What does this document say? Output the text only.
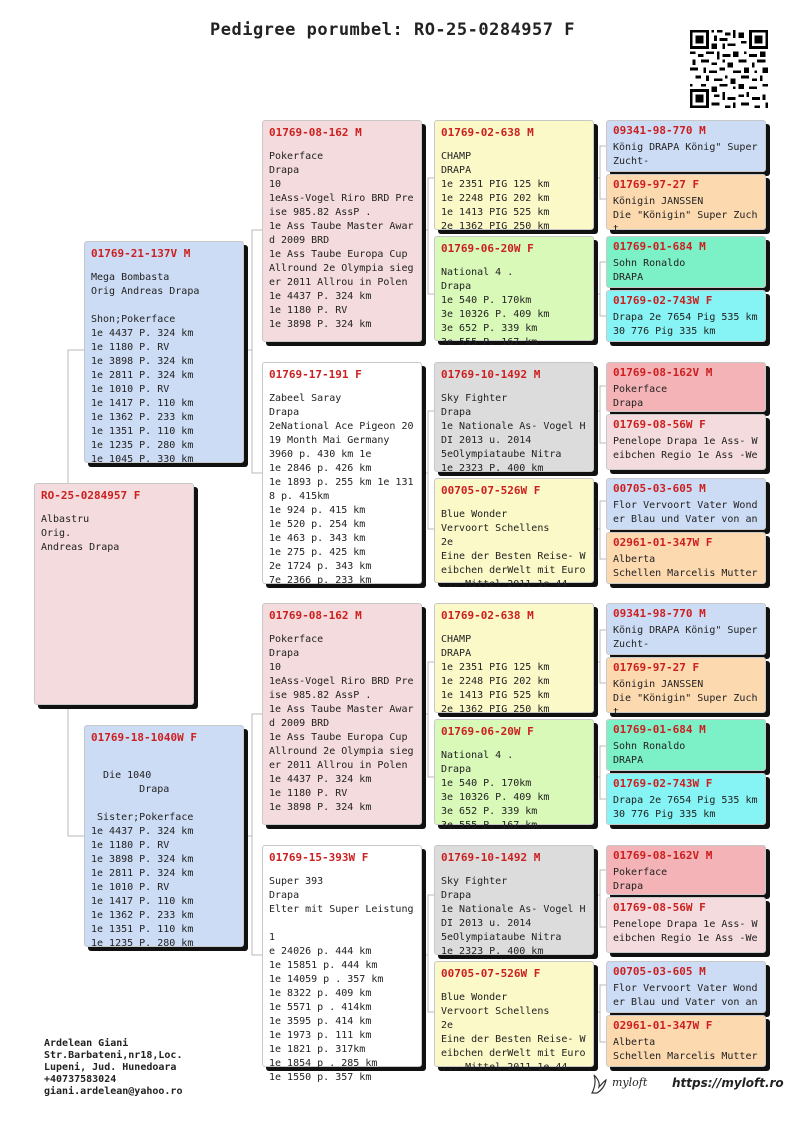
Pedigree porumbel: RO-25-0284957 F
RO-25-0284957 F
Albastru
Orig.
Andreas Drapa
01769-21-137V M
Mega Bombasta
Orig Andreas Drapa

Shon;Pokerface
1e 4437 P. 324 km
1e 1180 P. RV
1e 3898 P. 324 km
1e 2811 P. 324 km
1e 1010 P. RV
1e 1417 P. 110 km
1e 1362 P. 233 km
1e 1351 P. 110 km
1e 1235 P. 280 km
1e 1045 P. 330 km
01769-18-1040W F

Die 1040
Drapa

Sister;Pokerface
1e 4437 P. 324 km
1e 1180 P. RV
1e 3898 P. 324 km
1e 2811 P. 324 km
1e 1010 P. RV
1e 1417 P. 110 km
1e 1362 P. 233 km
1e 1351 P. 110 km
1e 1235 P. 280 km
01769-08-162 M
Pokerface
Drapa
10
1eAss-Vogel Riro BRD Preise 985.82 AssP .
1e Ass Taube Master Award 2009 BRD
1e Ass Taube Europa Cup Allround 2e Olympia sieger 2011 Allrou in Polen
1e 4437 P. 324 km
1e 1180 P. RV
1e 3898 P. 324 km
01769-17-191 F
Zabeel Saray
Drapa
2eNational Ace Pigeon 2019 Month Mai Germany
3960 p. 430 km 1e
1e 2846 p. 426 km
1e 1893 p. 255 km 1e 1318 p. 415km
1e 924 p. 415 km
1e 520 p. 254 km
1e 463 p. 343 km
1e 275 p. 425 km
2e 1724 p. 343 km
7e 2366 p. 233 km
01769-08-162 M
Pokerface
Drapa
10
1eAss-Vogel Riro BRD Preise 985.82 AssP .
1e Ass Taube Master Award 2009 BRD
1e Ass Taube Europa Cup Allround 2e Olympia sieger 2011 Allrou in Polen
1e 4437 P. 324 km
1e 1180 P. RV
1e 3898 P. 324 km
01769-15-393W F
Super 393
Drapa
Elter mit Super Leistung
1
e 24026 p. 444 km
1e 15851 p. 444 km
1e 14059 p . 357 km
1e 8322 p. 409 km
1e 5571 p . 414km
1e 3595 p. 414 km
1e 1973 p. 111 km
1e 1821 p. 317km
1e 1854 p . 285 km
1e 1550 p. 357 km
01769-02-638 M
CHAMP
DRAPA
1e 2351 PIG 125 km
1e 2248 PIG 202 km
1e 1413 PIG 525 km
2e 1362 PIG 250 km
01769-06-20W F
National 4 .
Drapa
1e 540 P. 170km
3e 10326 P. 409 km
3e 652 P. 339 km
3e 555 P. 167 km
01769-10-1492 M
Sky Fighter
Drapa
1e Nationale As- Vogel HDI 2013 u. 2014
5eOlympiataube Nitra
1e 2323 P. 400 km
00705-07-526W F
Blue Wonder
Vervoort Schellens
2e
Eine der Besten Reise- Weibchen derWelt mit Euro
... Mittel 2011 1e 44
01769-02-638 M
CHAMP
DRAPA
1e 2351 PIG 125 km
1e 2248 PIG 202 km
1e 1413 PIG 525 km
2e 1362 PIG 250 km
01769-06-20W F
National 4 .
Drapa
1e 540 P. 170km
3e 10326 P. 409 km
3e 652 P. 339 km
3e 555 P. 167 km
01769-10-1492 M
Sky Fighter
Drapa
1e Nationale As- Vogel HDI 2013 u. 2014
5eOlympiataube Nitra
1e 2323 P. 400 km
00705-07-526W F
Blue Wonder
Vervoort Schellens
2e
Eine der Besten Reise- Weibchen derWelt mit Euro
... Mittel 2011 1e 44
09341-98-770 M
König DRAPA König" Super Zucht-
01769-97-27 F
Königin JANSSEN
Die "Königin" Super Zucht
01769-01-684 M
Sohn Ronaldo
DRAPA
01769-02-743W F
Drapa 2e 7654 Pig 535 km
30 776 Pig 335 km
01769-08-162V M
Pokerface
Drapa
01769-08-56W F
Penelope Drapa 1e Ass- Weibchen Regio 1e Ass -We
00705-03-605 M
Flor Vervoort Vater Wonder Blau und Vater von an
02961-01-347W F
Alberta
Schellen Marcelis Mutter
09341-98-770 M
König DRAPA König" Super Zucht-
01769-97-27 F
Königin JANSSEN
Die "Königin" Super Zucht
01769-01-684 M
Sohn Ronaldo
DRAPA
01769-02-743W F
Drapa 2e 7654 Pig 535 km
30 776 Pig 335 km
01769-08-162V M
Pokerface
Drapa
01769-08-56W F
Penelope Drapa 1e Ass- Weibchen Regio 1e Ass -We
00705-03-605 M
Flor Vervoort Vater Wonder Blau und Vater von an
02961-01-347W F
Alberta
Schellen Marcelis Mutter
Ardelean Giani
Str.Barbateni,nr18,Loc.
Lupeni, Jud. Hunedoara
+40737583024
giani.ardelean@yahoo.ro
myloft https://myloft.ro
